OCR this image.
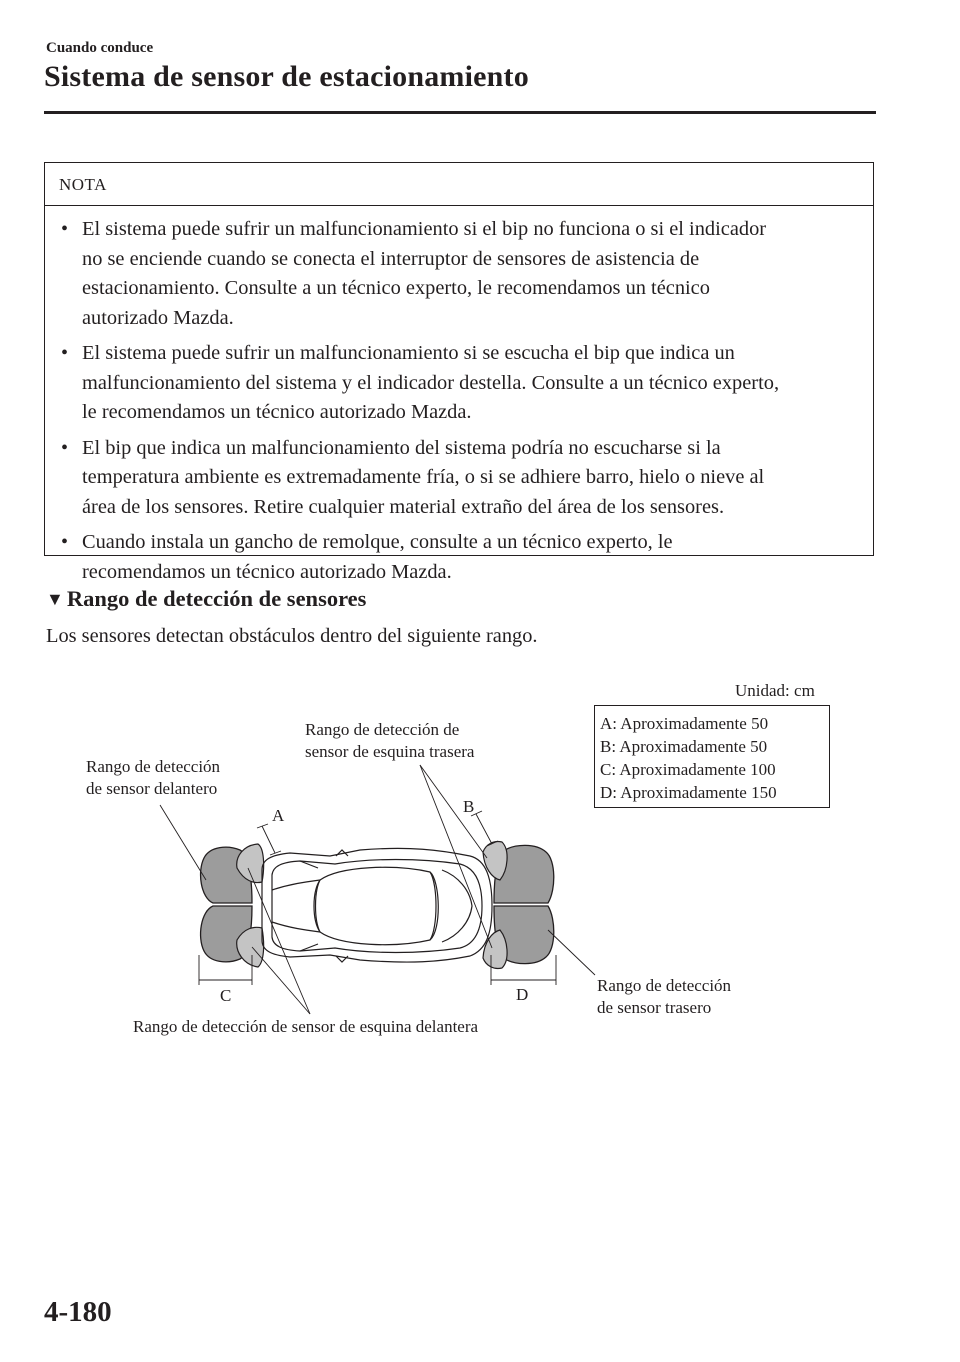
Cuando conduce
Sistema de sensor de estacionamiento
NOTA
• El sistema puede sufrir un malfuncionamiento si el bip no funciona o si el indicador
no se enciende cuando se conecta el interruptor de sensores de asistencia de
estacionamiento. Consulte a un técnico experto, le recomendamos un técnico
autorizado Mazda.
• El sistema puede sufrir un malfuncionamiento si se escucha el bip que indica un
malfuncionamiento del sistema y el indicador destella. Consulte a un técnico experto,
le recomendamos un técnico autorizado Mazda.
• El bip que indica un malfuncionamiento del sistema podría no escucharse si la
temperatura ambiente es extremadamente fría, o si se adhiere barro, hielo o nieve al
área de los sensores. Retire cualquier material extraño del área de los sensores.
• Cuando instala un gancho de remolque, consulte a un técnico experto, le
recomendamos un técnico autorizado Mazda.
▼ Rango de detección de sensores
Los sensores detectan obstáculos dentro del siguiente rango.
Unidad: cm
A: Aproximadamente 50
B: Aproximadamente 50
C: Aproximadamente 100
D: Aproximadamente 150
Rango de detección
de sensor delantero
Rango de detección de
sensor de esquina trasera
Rango de detección
de sensor trasero
Rango de detección de sensor de esquina delantera
A	B
C	D
4-180
